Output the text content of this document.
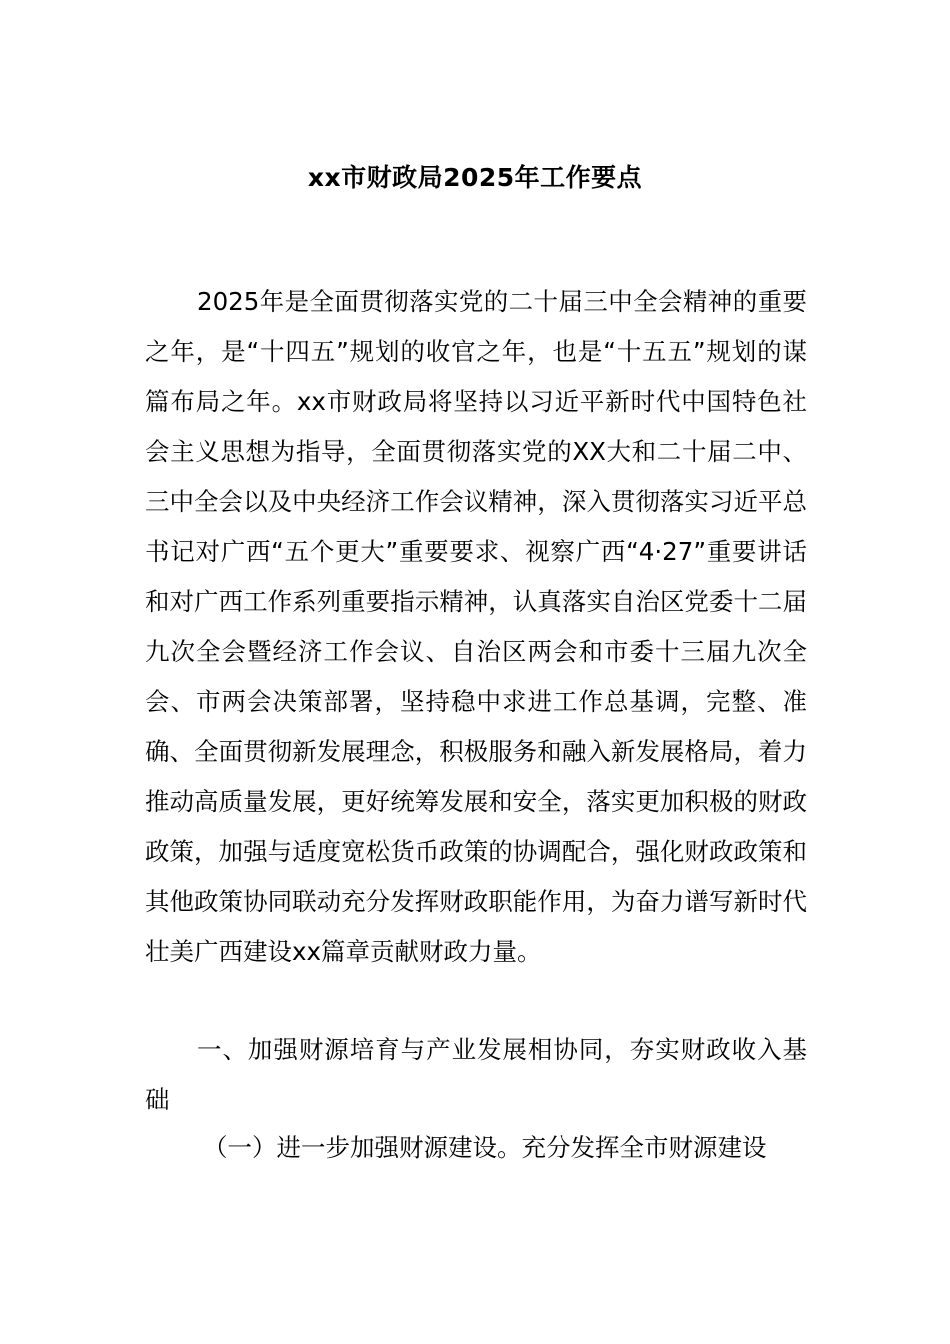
xx市财政局2025年工作要点

2025年是全面贯彻落实党的二十届三中全会精神的重要之年，是“十四五”规划的收官之年，也是“十五五”规划的谋篇布局之年。xx市财政局将坚持以习近平新时代中国特色社会主义思想为指导，全面贯彻落实党的XX大和二十届二中、三中全会以及中央经济工作会议精神，深入贯彻落实习近平总书记对广西“五个更大”重要要求、视察广西“4·27”重要讲话和对广西工作系列重要指示精神，认真落实自治区党委十二届九次全会暨经济工作会议、自治区两会和市委十三届九次全会、市两会决策部署，坚持稳中求进工作总基调，完整、准确、全面贯彻新发展理念，积极服务和融入新发展格局，着力推动高质量发展，更好统筹发展和安全，落实更加积极的财政政策，加强与适度宽松货币政策的协调配合，强化财政政策和其他政策协同联动充分发挥财政职能作用，为奋力谱写新时代壮美广西建设xx篇章贡献财政力量。

一、加强财源培育与产业发展相协同，夯实财政收入基础

（一）进一步加强财源建设。充分发挥全市财源建设
